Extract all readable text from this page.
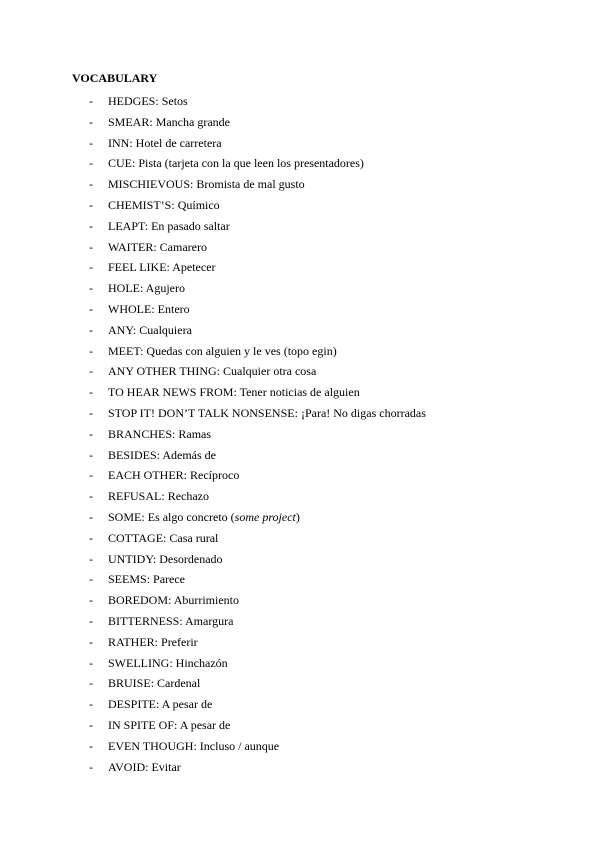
VOCABULARY
- HEDGES: Setos
- SMEAR: Mancha grande
- INN: Hotel de carretera
- CUE: Pista (tarjeta con la que leen los presentadores)
- MISCHIEVOUS: Bromista de mal gusto
- CHEMIST’S: Químico
- LEAPT: En pasado saltar
- WAITER: Camarero
- FEEL LIKE: Apetecer
- HOLE: Agujero
- WHOLE: Entero
- ANY: Cualquiera
- MEET: Quedas con alguien y le ves (topo egin)
- ANY OTHER THING: Cualquier otra cosa
- TO HEAR NEWS FROM: Tener noticias de alguien
- STOP IT! DON’T TALK NONSENSE: ¡Para! No digas chorradas
- BRANCHES: Ramas
- BESIDES: Además de
- EACH OTHER: Recíproco
- REFUSAL: Rechazo
- SOME: Es algo concreto (some project)
- COTTAGE: Casa rural
- UNTIDY: Desordenado
- SEEMS: Parece
- BOREDOM: Aburrimiento
- BITTERNESS: Amargura
- RATHER: Preferir
- SWELLING: Hinchazón
- BRUISE: Cardenal
- DESPITE: A pesar de
- IN SPITE OF: A pesar de
- EVEN THOUGH: Incluso / aunque
- AVOID: Evitar
